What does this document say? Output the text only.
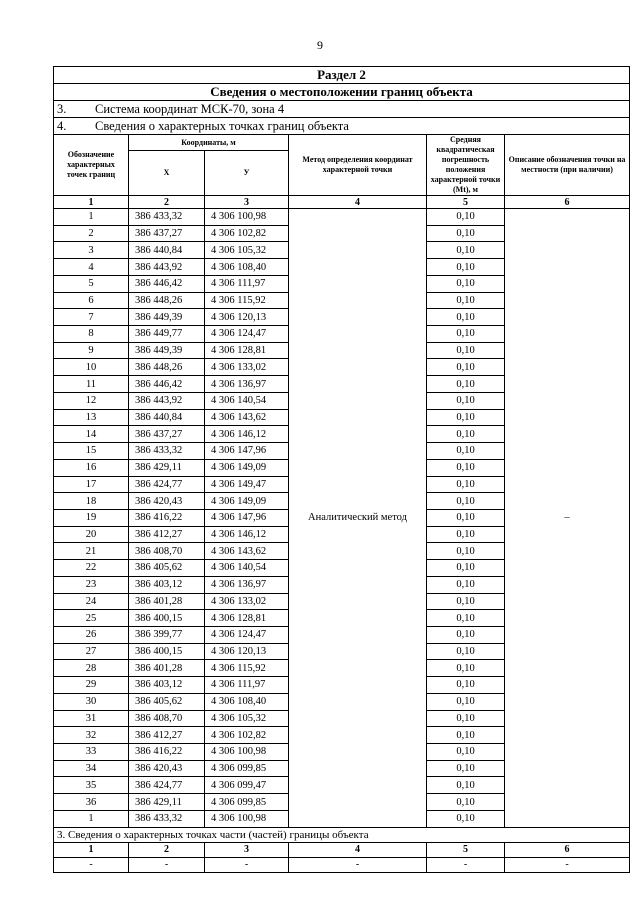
9
Раздел 2					
Сведения о местоположении границ объекта					
3. Система координат МСК-70, зона 4					
4. Сведения о характерных точках границ объекта					
Обозначение характерных точек границ	Координаты, м		Метод определения координат характерной точки	Средняя квадратическая погрешность положения характерной точки (Mt), м	Описание обозначения точки на местности (при наличии)
	X	У			
1	2	3	4	5	6
1	386 433,32	4 306 100,98	Аналитический метод	0,10	–
2	386 437,27	4 306 102,82		0,10	
3	386 440,84	4 306 105,32		0,10	
4	386 443,92	4 306 108,40		0,10	
5	386 446,42	4 306 111,97		0,10	
6	386 448,26	4 306 115,92		0,10	
7	386 449,39	4 306 120,13		0,10	
8	386 449,77	4 306 124,47		0,10	
9	386 449,39	4 306 128,81		0,10	
10	386 448,26	4 306 133,02		0,10	
11	386 446,42	4 306 136,97		0,10	
12	386 443,92	4 306 140,54		0,10	
13	386 440,84	4 306 143,62		0,10	
14	386 437,27	4 306 146,12		0,10	
15	386 433,32	4 306 147,96		0,10	
16	386 429,11	4 306 149,09		0,10	
17	386 424,77	4 306 149,47		0,10	
18	386 420,43	4 306 149,09		0,10	
19	386 416,22	4 306 147,96		0,10	
20	386 412,27	4 306 146,12		0,10	
21	386 408,70	4 306 143,62		0,10	
22	386 405,62	4 306 140,54		0,10	
23	386 403,12	4 306 136,97		0,10	
24	386 401,28	4 306 133,02		0,10	
25	386 400,15	4 306 128,81		0,10	
26	386 399,77	4 306 124,47		0,10	
27	386 400,15	4 306 120,13		0,10	
28	386 401,28	4 306 115,92		0,10	
29	386 403,12	4 306 111,97		0,10	
30	386 405,62	4 306 108,40		0,10	
31	386 408,70	4 306 105,32		0,10	
32	386 412,27	4 306 102,82		0,10	
33	386 416,22	4 306 100,98		0,10	
34	386 420,43	4 306 099,85		0,10	
35	386 424,77	4 306 099,47		0,10	
36	386 429,11	4 306 099,85		0,10	
1	386 433,32	4 306 100,98		0,10	
3. Сведения о характерных точках части (частей) границы объекта					
1	2	3	4	5	6
-	-	-	-	-	-
